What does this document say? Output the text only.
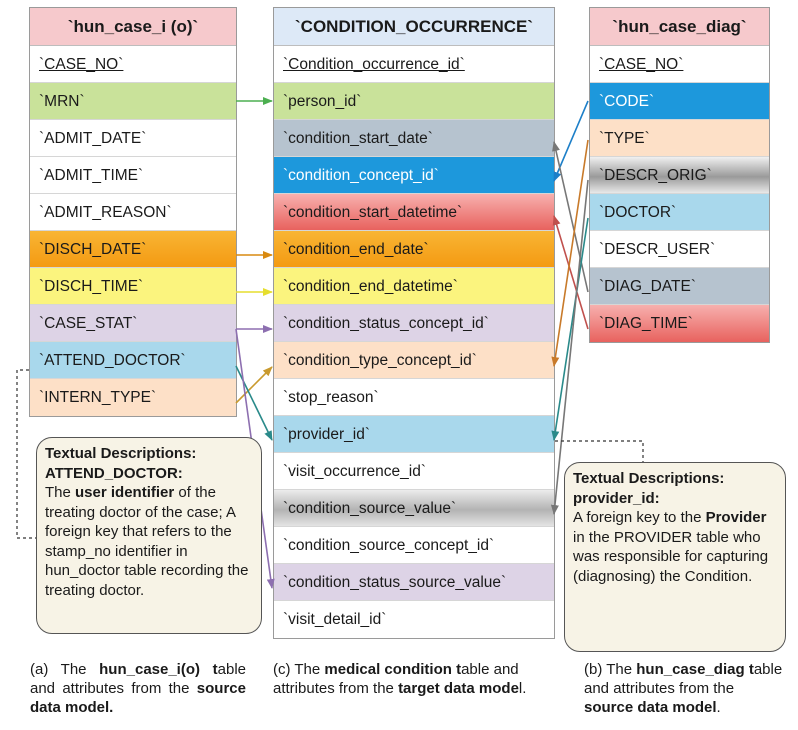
`hun_case_i (o)`
`CASE_NO`
`MRN`
`ADMIT_DATE`
`ADMIT_TIME`
`ADMIT_REASON`
`DISCH_DATE`
`DISCH_TIME`
`CASE_STAT`
`ATTEND_DOCTOR`
`INTERN_TYPE`
`CONDITION_OCCURRENCE`
`Condition_occurrence_id`
`person_id`
`condition_start_date`
`condition_concept_id`
`condition_start_datetime`
`condition_end_date`
`condition_end_datetime`
`condition_status_concept_id`
`condition_type_concept_id`
`stop_reason`
`provider_id`
`visit_occurrence_id`
`condition_source_value`
`condition_source_concept_id`
`condition_status_source_value`
`visit_detail_id`
`hun_case_diag`
`CASE_NO`
`CODE`
`TYPE`
`DESCR_ORIG`
`DOCTOR`
`DESCR_USER`
`DIAG_DATE`
`DIAG_TIME`
Textual Descriptions:
ATTEND_DOCTOR:
The user identifier of the treating doctor of the case; A foreign key that refers to the stamp_no identifier in hun_doctor table recording the treating doctor.
Textual Descriptions:
provider_id:
A foreign key to the Provider in the PROVIDER table who was responsible for capturing (diagnosing) the Condition.
(a) The hun_case_i(o) table and attributes from the source data model.
(c) The medical condition table and attributes from the target data model.
(b) The hun_case_diag table and attributes from the source data model.
